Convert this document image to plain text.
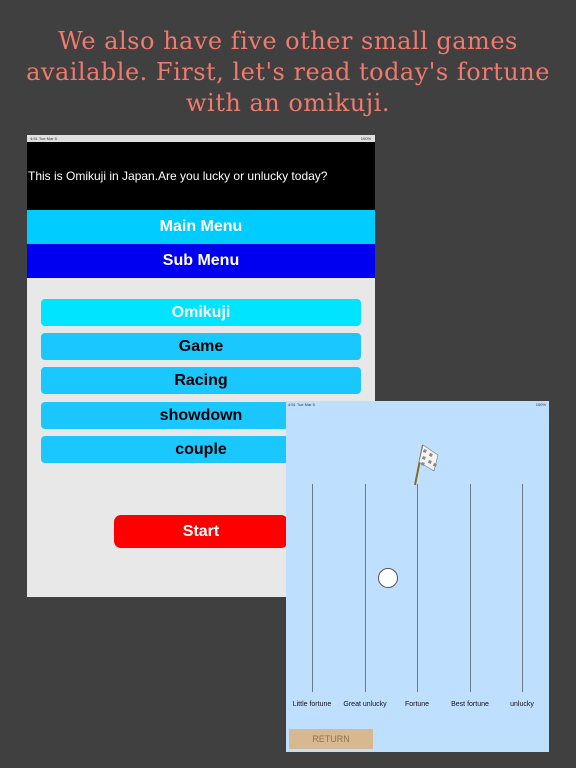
We also have five other small games
available. First, let's read today's fortune
with an omikuji.
4:51 Tue Mar 5	100%
This is Omikuji in Japan.Are you lucky or unlucky today?
Main Menu
Sub Menu
Omikuji
Game
Racing
showdown
couple
Start
4:51 Tue Mar 5	100%
Little fortune	Great unlucky	Fortune	Best fortune	unlucky
RETURN
